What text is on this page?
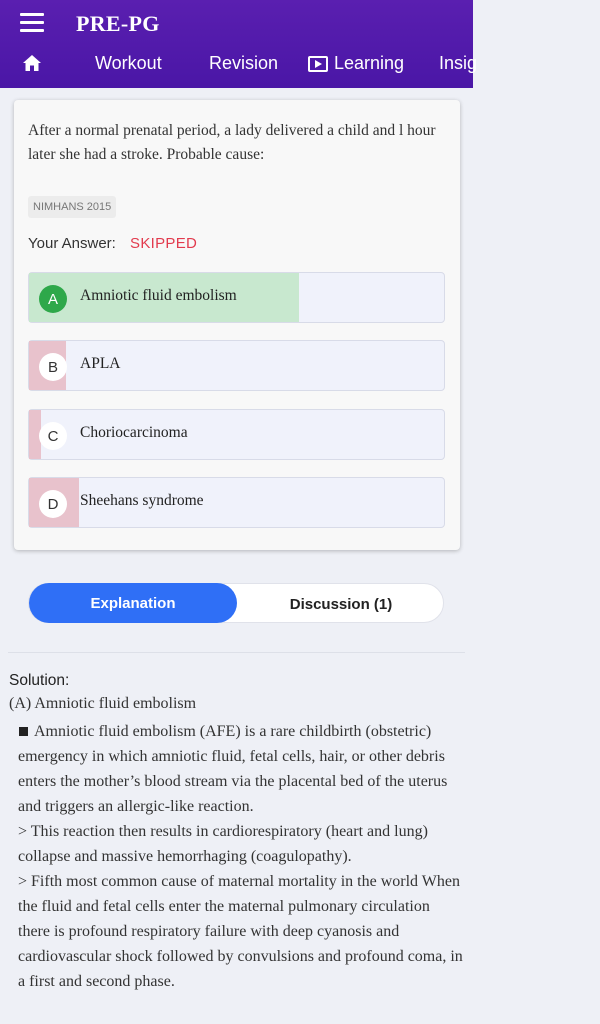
PRE-PG
Workout	Revision	Learning Insig
After a normal prenatal period, a lady delivered a child and l hour later she had a stroke. Probable cause:
NIMHANS 2015
Your Answer: SKIPPED
A	Amniotic fluid embolism
B	APLA
C	Choriocarcinoma
D	Sheehans syndrome
Explanation	Discussion (1)
Solution:
(A) Amniotic fluid embolism

Amniotic fluid embolism (AFE) is a rare childbirth (obstetric) emergency in which amniotic fluid, fetal cells, hair, or other debris enters the mother’s blood stream via the placental bed of the uterus and triggers an allergic-like reaction.

> This reaction then results in cardiorespiratory (heart and lung) collapse and massive hemorrhaging (coagulopathy).

> Fifth most common cause of maternal mortality in the world When the fluid and fetal cells enter the maternal pulmonary circulation there is profound respiratory failure with deep cyanosis and cardiovascular shock followed by convulsions and profound coma, in a first and second phase.
